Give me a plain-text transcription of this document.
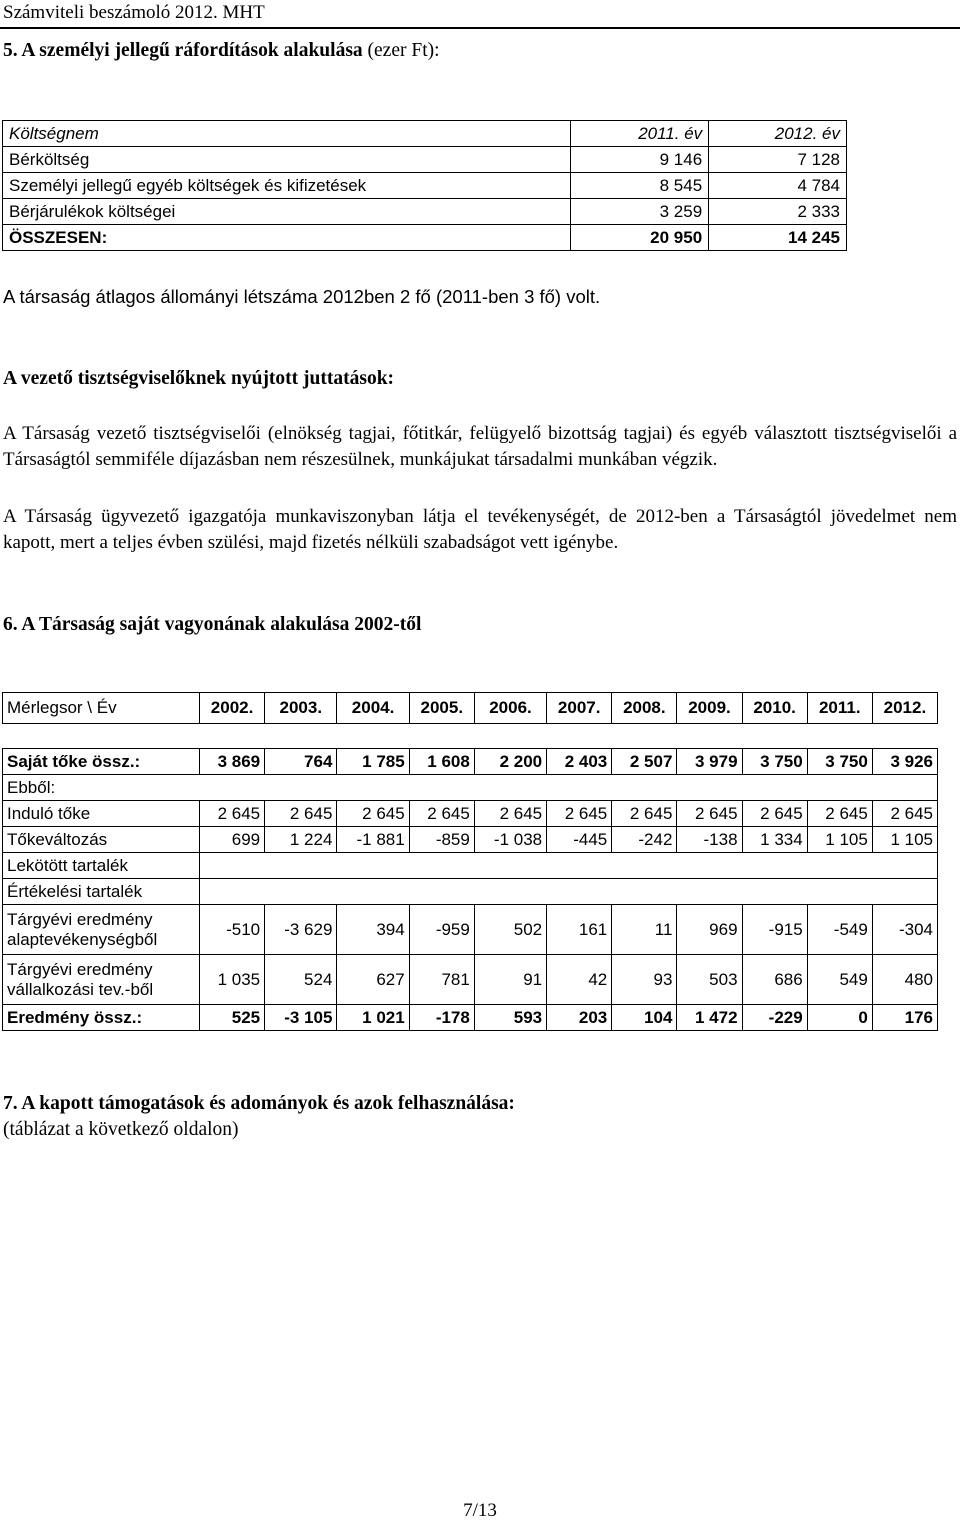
Számviteli beszámoló 2012. MHT
5. A személyi jellegű ráfordítások alakulása (ezer Ft):
Költségnem	2011. év	2012. év
Bérköltség	9 146	7 128
Személyi jellegű egyéb költségek és kifizetések	8 545	4 784
Bérjárulékok költségei	3 259	2 333
ÖSSZESEN:	20 950	14 245
A társaság átlagos állományi létszáma 2012ben 2 fő (2011-ben 3 fő) volt.
A vezető tisztségviselőknek nyújtott juttatások:
A Társaság vezető tisztségviselői (elnökség tagjai, főtitkár, felügyelő bizottság tagjai) és egyéb választott tisztségviselői a Társaságtól semmiféle díjazásban nem részesülnek, munkájukat társadalmi munkában végzik.
A Társaság ügyvezető igazgatója munkaviszonyban látja el tevékenységét, de 2012-ben a Társaságtól jövedelmet nem kapott, mert a teljes évben szülési, majd fizetés nélküli szabadságot vett igénybe.
6. A Társaság saját vagyonának alakulása 2002-től
Mérlegsor \ Év	2002.	2003.	2004.	2005.	2006.	2007.	2008.	2009.	2010.	2011.	2012.

Saját tőke össz.:	3 869	764	1 785	1 608	2 200	2 403	2 507	3 979	3 750	3 750	3 926
Ebből:											
Induló tőke	2 645	2 645	2 645	2 645	2 645	2 645	2 645	2 645	2 645	2 645	2 645
Tőkeváltozás	699	1 224	-1 881	-859	-1 038	-445	-242	-138	1 334	1 105	1 105
Lekötött tartalék											
Értékelési tartalék											
Tárgyévi eredmény
alaptevékenységből	-510	-3 629	394	-959	502	161	11	969	-915	-549	-304
Tárgyévi eredmény
vállalkozási tev.-ből	1 035	524	627	781	91	42	93	503	686	549	480
Eredmény össz.:	525	-3 105	1 021	-178	593	203	104	1 472	-229	0	176
7. A kapott támogatások és adományok és azok felhasználása:
(táblázat a következő oldalon)
7/13
